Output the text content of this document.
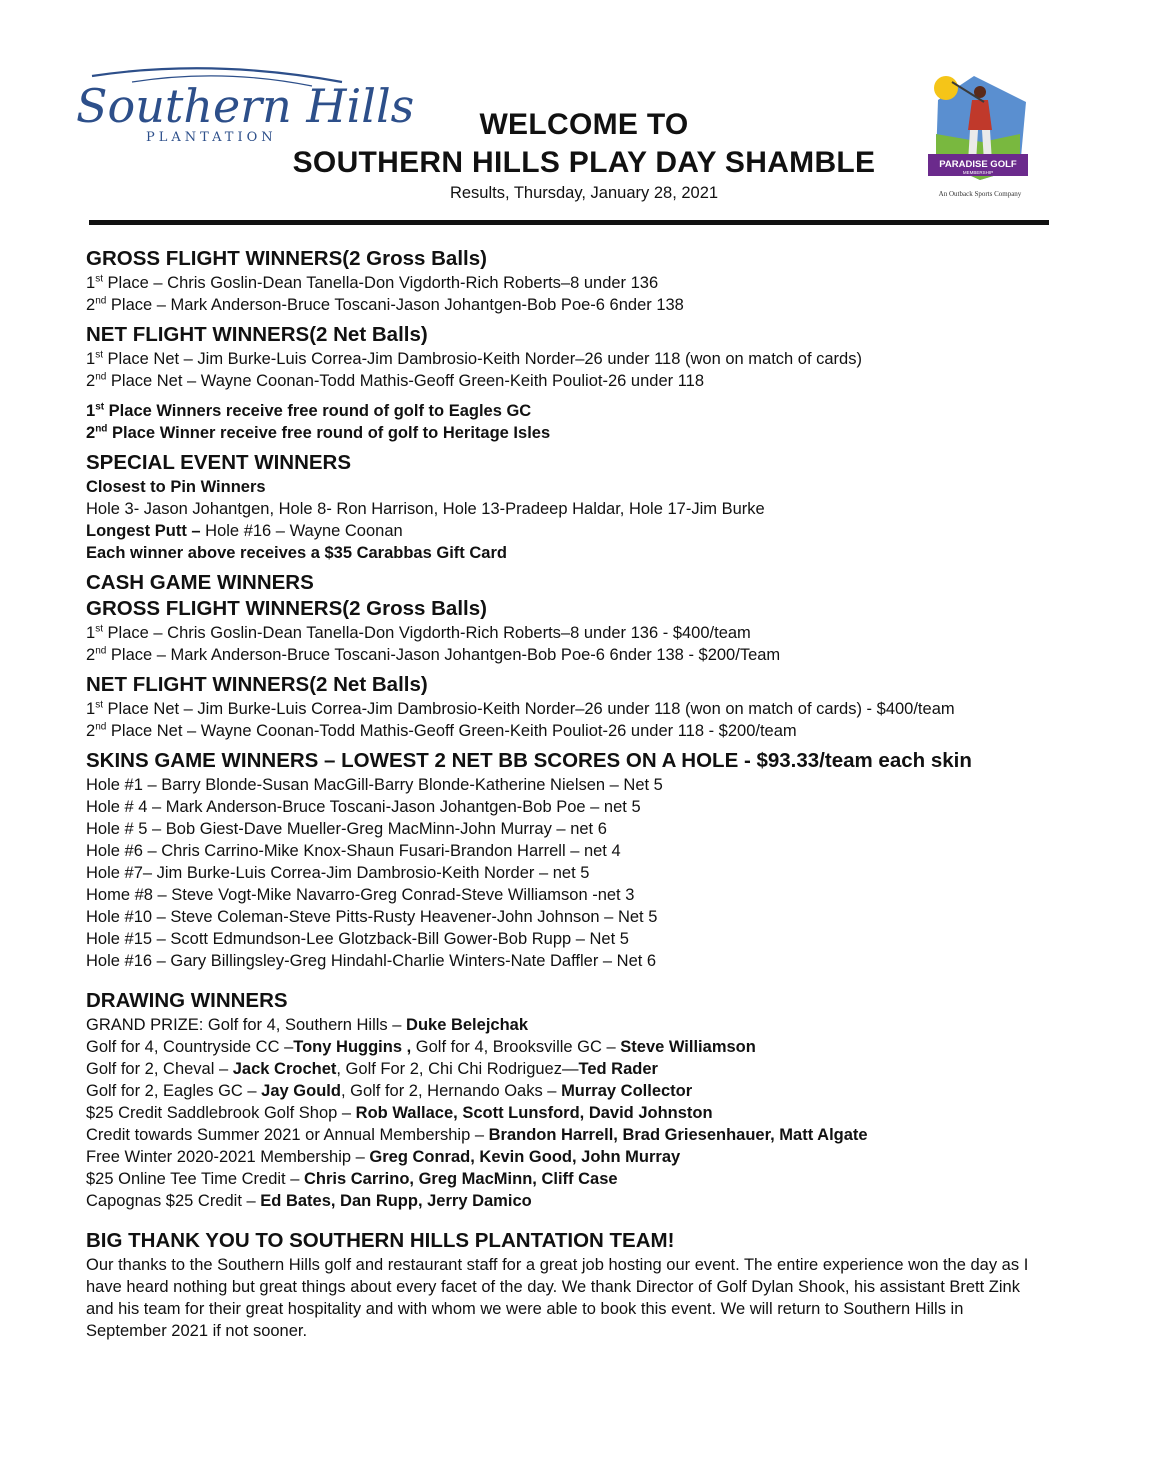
Southern Hills
PLANTATION
PARADISE GOLF
MEMBERSHIP
An Outback Sports Company
WELCOME TO
SOUTHERN HILLS PLAY DAY SHAMBLE
Results, Thursday, January 28, 2021
GROSS FLIGHT WINNERS(2 Gross Balls)
1st Place – Chris Goslin-Dean Tanella-Don Vigdorth-Rich Roberts–8 under 136
2nd Place – Mark Anderson-Bruce Toscani-Jason Johantgen-Bob Poe-6 6nder 138
NET FLIGHT WINNERS(2 Net Balls)
1st Place Net – Jim Burke-Luis Correa-Jim Dambrosio-Keith Norder–26 under 118 (won on match of cards)
2nd Place Net – Wayne Coonan-Todd Mathis-Geoff Green-Keith Pouliot-26 under 118
1st Place Winners receive free round of golf to Eagles GC
2nd Place Winner receive free round of golf to Heritage Isles
SPECIAL EVENT WINNERS
Closest to Pin Winners
Hole 3- Jason Johantgen, Hole 8- Ron Harrison, Hole 13-Pradeep Haldar, Hole 17-Jim Burke
Longest Putt – Hole #16 – Wayne Coonan
Each winner above receives a $35 Carabbas Gift Card
CASH GAME WINNERS
GROSS FLIGHT WINNERS(2 Gross Balls)
1st Place – Chris Goslin-Dean Tanella-Don Vigdorth-Rich Roberts–8 under 136 - $400/team
2nd Place – Mark Anderson-Bruce Toscani-Jason Johantgen-Bob Poe-6 6nder 138 - $200/Team
NET FLIGHT WINNERS(2 Net Balls)
1st Place Net – Jim Burke-Luis Correa-Jim Dambrosio-Keith Norder–26 under 118 (won on match of cards) - $400/team
2nd Place Net – Wayne Coonan-Todd Mathis-Geoff Green-Keith Pouliot-26 under 118 - $200/team
SKINS GAME WINNERS – LOWEST 2 NET BB SCORES ON A HOLE - $93.33/team each skin
Hole #1 – Barry Blonde-Susan MacGill-Barry Blonde-Katherine Nielsen – Net 5
Hole # 4 – Mark Anderson-Bruce Toscani-Jason Johantgen-Bob Poe – net 5
Hole # 5 – Bob Giest-Dave Mueller-Greg MacMinn-John Murray – net 6
Hole #6 – Chris Carrino-Mike Knox-Shaun Fusari-Brandon Harrell – net 4
Hole #7– Jim Burke-Luis Correa-Jim Dambrosio-Keith Norder – net 5
Home #8 – Steve Vogt-Mike Navarro-Greg Conrad-Steve Williamson -net 3
Hole #10 – Steve Coleman-Steve Pitts-Rusty Heavener-John Johnson – Net 5
Hole #15 – Scott Edmundson-Lee Glotzback-Bill Gower-Bob Rupp – Net 5
Hole #16 – Gary Billingsley-Greg Hindahl-Charlie Winters-Nate Daffler – Net 6
DRAWING WINNERS
GRAND PRIZE: Golf for 4, Southern Hills – Duke Belejchak
Golf for 4, Countryside CC –Tony Huggins , Golf for 4, Brooksville GC – Steve Williamson
Golf for 2, Cheval – Jack Crochet, Golf For 2, Chi Chi Rodriguez—Ted Rader
Golf for 2, Eagles GC – Jay Gould, Golf for 2, Hernando Oaks – Murray Collector
$25 Credit Saddlebrook Golf Shop – Rob Wallace, Scott Lunsford, David Johnston
Credit towards Summer 2021 or Annual Membership – Brandon Harrell, Brad Griesenhauer, Matt Algate
Free Winter 2020-2021 Membership – Greg Conrad, Kevin Good, John Murray
$25 Online Tee Time Credit – Chris Carrino, Greg MacMinn, Cliff Case
Capognas $25 Credit – Ed Bates, Dan Rupp, Jerry Damico
BIG THANK YOU TO SOUTHERN HILLS PLANTATION TEAM!
Our thanks to the Southern Hills golf and restaurant staff for a great job hosting our event. The entire experience won the day as I have heard nothing but great things about every facet of the day. We thank Director of Golf Dylan Shook, his assistant Brett Zink and his team for their great hospitality and with whom we were able to book this event. We will return to Southern Hills in September 2021 if not sooner.
